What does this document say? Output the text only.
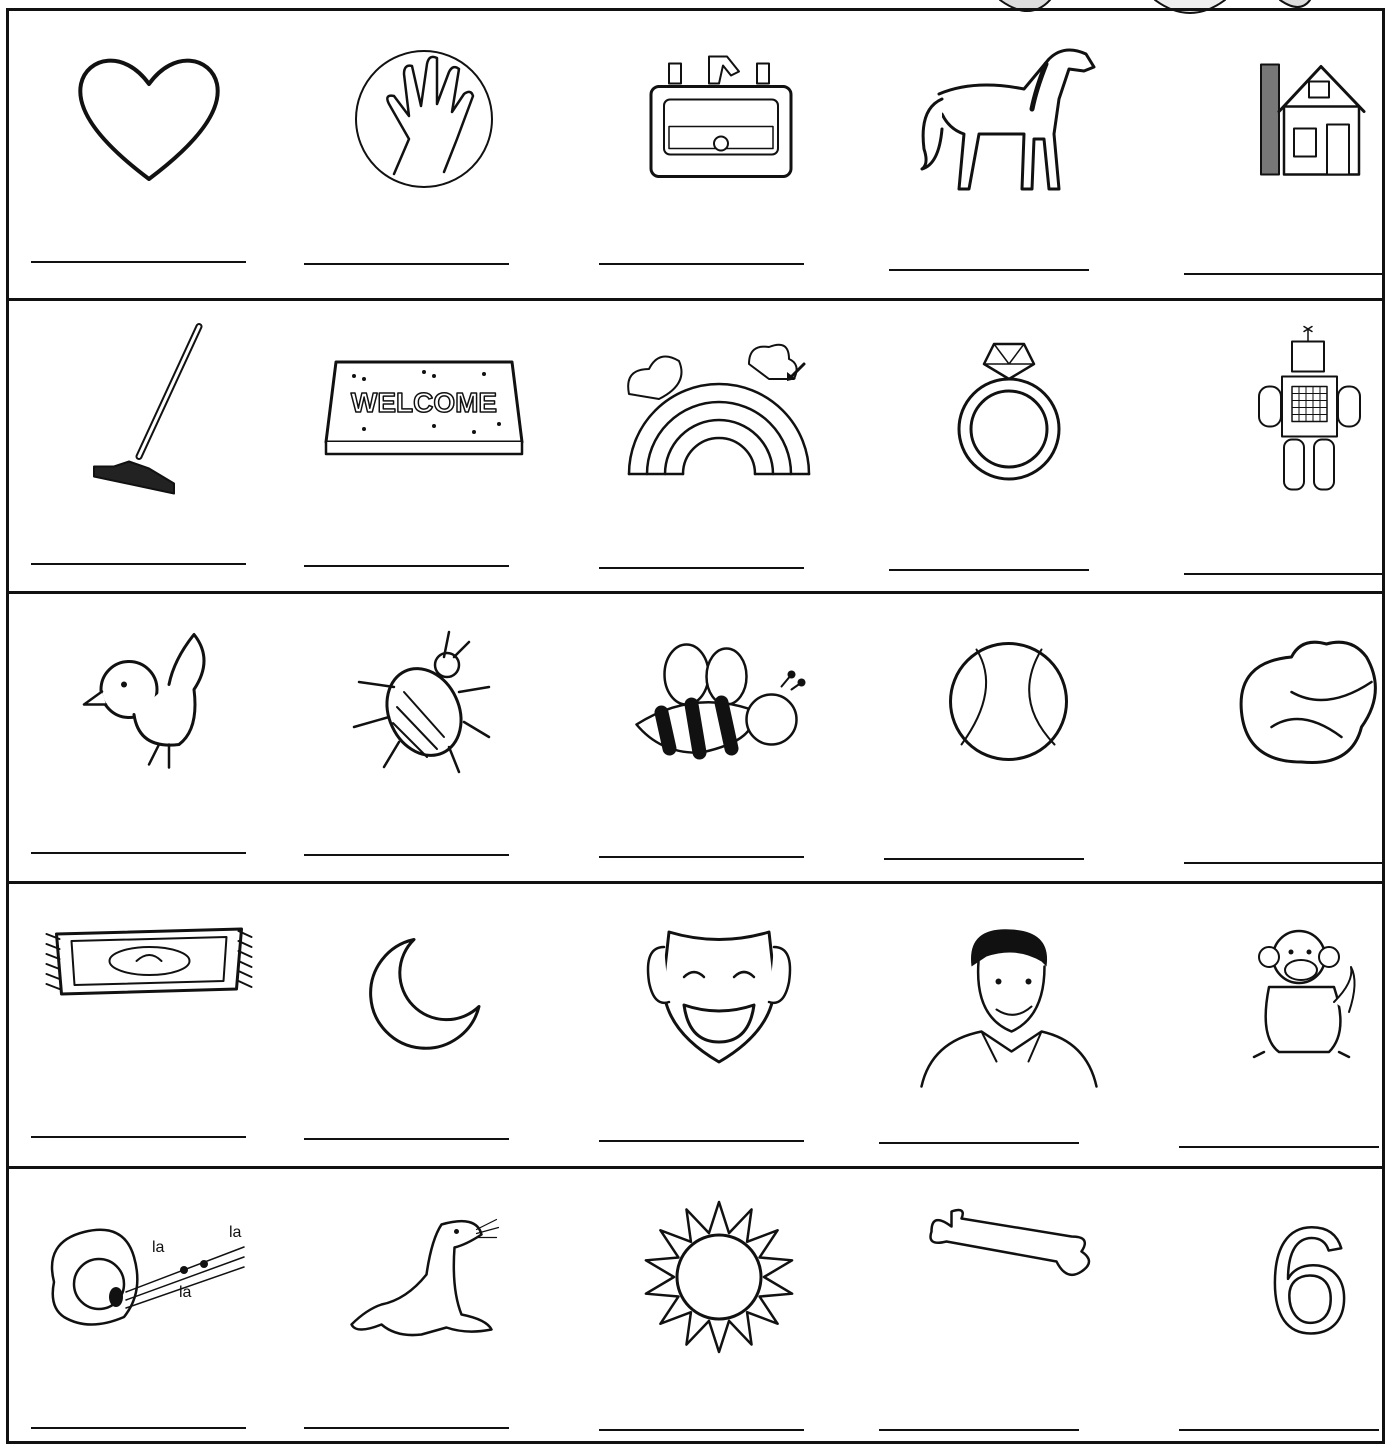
WELCOME
la
la
la	6
